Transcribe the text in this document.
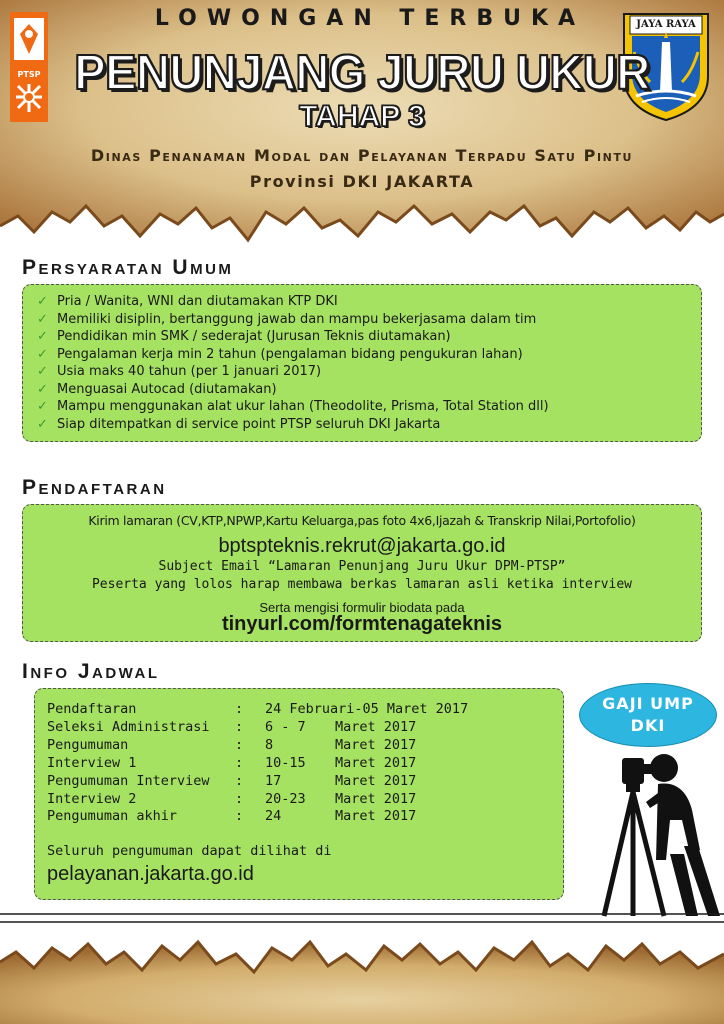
PTSP
JAYA RAYA
LOWONGAN TERBUKA
PENUNJANG JURU UKUR
TAHAP 3
Dinas Penanaman Modal dan Pelayanan Terpadu Satu Pintu
Provinsi DKI JAKARTA
Persyaratan Umum
✓ Pria / Wanita, WNI dan diutamakan KTP DKI
✓ Memiliki disiplin, bertanggung jawab dan mampu bekerjasama dalam tim
✓ Pendidikan min SMK / sederajat (Jurusan Teknis diutamakan)
✓ Pengalaman kerja min 2 tahun (pengalaman bidang pengukuran lahan)
✓ Usia maks 40 tahun (per 1 januari 2017)
✓ Menguasai Autocad (diutamakan)
✓ Mampu menggunakan alat ukur lahan (Theodolite, Prisma, Total Station dll)
✓ Siap ditempatkan di service point PTSP seluruh DKI Jakarta
Pendaftaran
Kirim lamaran (CV,KTP,NPWP,Kartu Keluarga,pas foto 4x6,Ijazah & Transkrip Nilai,Portofolio)
bptspteknis.rekrut@jakarta.go.id
Subject Email “Lamaran Penunjang Juru Ukur DPM-PTSP”
Peserta yang lolos harap membawa berkas lamaran asli ketika interview
Serta mengisi formulir biodata pada
tinyurl.com/formtenagateknis
Info Jadwal
Pendaftaran	:	24 Februari-05 Maret 2017	
Seleksi Administrasi	:	6 - 7	Maret 2017
Pengumuman	:	8	Maret 2017
Interview 1	:	10-15	Maret 2017
Pengumuman Interview	:	17	Maret 2017
Interview 2	:	20-23	Maret 2017
Pengumuman akhir	:	24	Maret 2017
Seluruh pengumuman dapat dilihat di
pelayanan.jakarta.go.id
GAJI UMP
DKI
